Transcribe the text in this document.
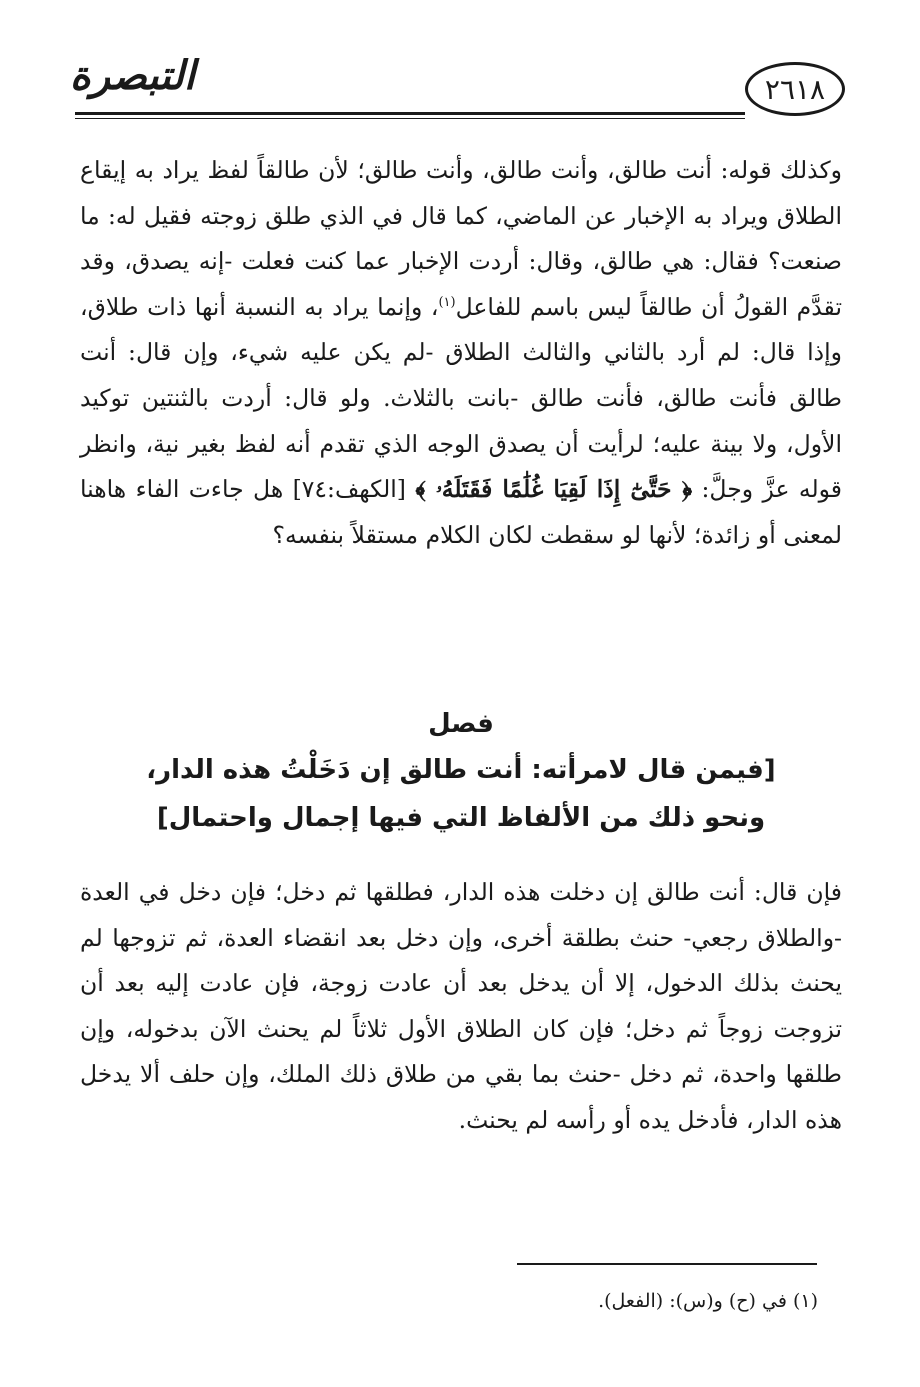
التبصرة	٢٦١٨

وكذلك قوله: أنت طالق، وأنت طالق، وأنت طالق؛ لأن طالقاً لفظ يراد به إيقاع الطلاق ويراد به الإخبار عن الماضي، كما قال في الذي طلق زوجته فقيل له: ما صنعت؟ فقال: هي طالق، وقال: أردت الإخبار عما كنت فعلت -إنه يصدق، وقد تقدَّم القولُ أن طالقاً ليس باسم للفاعل$^{(١)}$، وإنما يراد به النسبة أنها ذات طلاق، وإذا قال: لم أرد بالثاني والثالث الطلاق -لم يكن عليه شيء، وإن قال: أنت طالق فأنت طالق، فأنت طالق -بانت بالثلاث. ولو قال: أردت بالثنتين توكيد الأول، ولا بينة عليه؛ لرأيت أن يصدق الوجه الذي تقدم أنه لفظ بغير نية، وانظر قوله عزَّ وجلَّ: ﴿ حَتَّىٰٓ إِذَا لَقِيَا غُلَٰمًا فَقَتَلَهُۥ ﴾ [الكهف:٧٤] هل جاءت الفاء هاهنا لمعنى أو زائدة؛ لأنها لو سقطت لكان الكلام مستقلاً بنفسه؟

فصل
[فيمن قال لامرأته: أنت طالق إن دَخَلْتُ هذه الدار،
ونحو ذلك من الألفاظ التي فيها إجمال واحتمال]

فإن قال: أنت طالق إن دخلت هذه الدار، فطلقها ثم دخل؛ فإن دخل في العدة -والطلاق رجعي- حنث بطلقة أخرى، وإن دخل بعد انقضاء العدة، ثم تزوجها لم يحنث بذلك الدخول، إلا أن يدخل بعد أن عادت زوجة، فإن عادت إليه بعد أن تزوجت زوجاً ثم دخل؛ فإن كان الطلاق الأول ثلاثاً لم يحنث الآن بدخوله، وإن طلقها واحدة، ثم دخل -حنث بما بقي من طلاق ذلك الملك، وإن حلف ألا يدخل هذه الدار، فأدخل يده أو رأسه لم يحنث.

(١) في (ح) و(س): (الفعل).
